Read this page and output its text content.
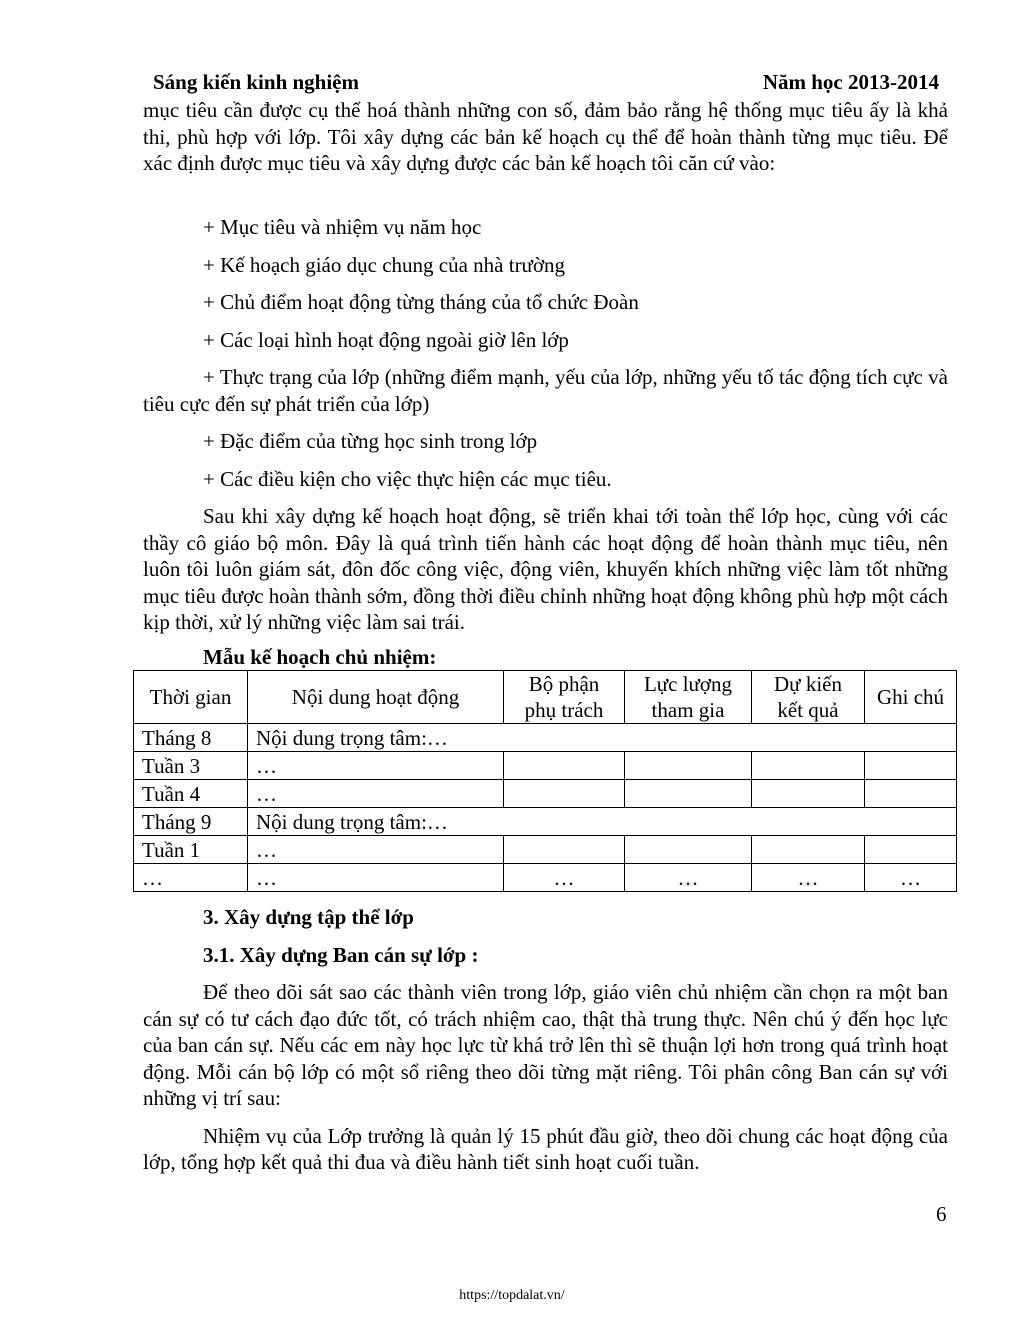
Sáng kiến kinh nghiệm	Năm học 2013-2014

mục tiêu cần được cụ thể hoá thành những con số, đảm bảo rằng hệ thống mục tiêu ấy là khả thi, phù hợp với lớp. Tôi xây dựng các bản kế hoạch cụ thể để hoàn thành từng mục tiêu. Để xác định được mục tiêu và xây dựng được các bản kế hoạch tôi căn cứ vào:

+ Mục tiêu và nhiệm vụ năm học

+ Kế hoạch giáo dục chung của nhà trường

+ Chủ điểm hoạt động từng tháng của tổ chức Đoàn

+ Các loại hình hoạt động ngoài giờ lên lớp

+ Thực trạng của lớp (những điểm mạnh, yếu của lớp, những yếu tố tác động tích cực và tiêu cực đến sự phát triển của lớp)

+ Đặc điểm của từng học sinh trong lớp

+ Các điều kiện cho việc thực hiện các mục tiêu.

Sau khi xây dựng kế hoạch hoạt động, sẽ triển khai tới toàn thể lớp học, cùng với các thầy cô giáo bộ môn. Đây là quá trình tiến hành các hoạt động để hoàn thành mục tiêu, nên luôn tôi luôn giám sát, đôn đốc công việc, động viên, khuyến khích những việc làm tốt những mục tiêu được hoàn thành sớm, đồng thời điều chỉnh những hoạt động không phù hợp một cách kịp thời, xử lý những việc làm sai trái.

Mẫu kế hoạch chủ nhiệm:

Thời gian	Nội dung hoạt động	Bộ phận phụ trách	Lực lượng tham gia	Dự kiến kết quả	Ghi chú
Tháng 8	Nội dung trọng tâm:…				
Tuần 3	…				
Tuần 4	…				
Tháng 9	Nội dung trọng tâm:…				
Tuần 1	…				
…	…	…	…	…	…

3. Xây dựng tập thể lớp

3.1. Xây dựng Ban cán sự lớp :

Để theo dõi sát sao các thành viên trong lớp, giáo viên chủ nhiệm cần chọn ra một ban cán sự có tư cách đạo đức tốt, có trách nhiệm cao, thật thà trung thực. Nên chú ý đến học lực của ban cán sự. Nếu các em này học lực từ khá trở lên thì sẽ thuận lợi hơn trong quá trình hoạt động. Mỗi cán bộ lớp có một sổ riêng theo dõi từng mặt riêng. Tôi phân công Ban cán sự với những vị trí sau:

Nhiệm vụ của Lớp trưởng là quản lý 15 phút đầu giờ, theo dõi chung các hoạt động của lớp, tổng hợp kết quả thi đua và điều hành tiết sinh hoạt cuối tuần.

6
https://topdalat.vn/
